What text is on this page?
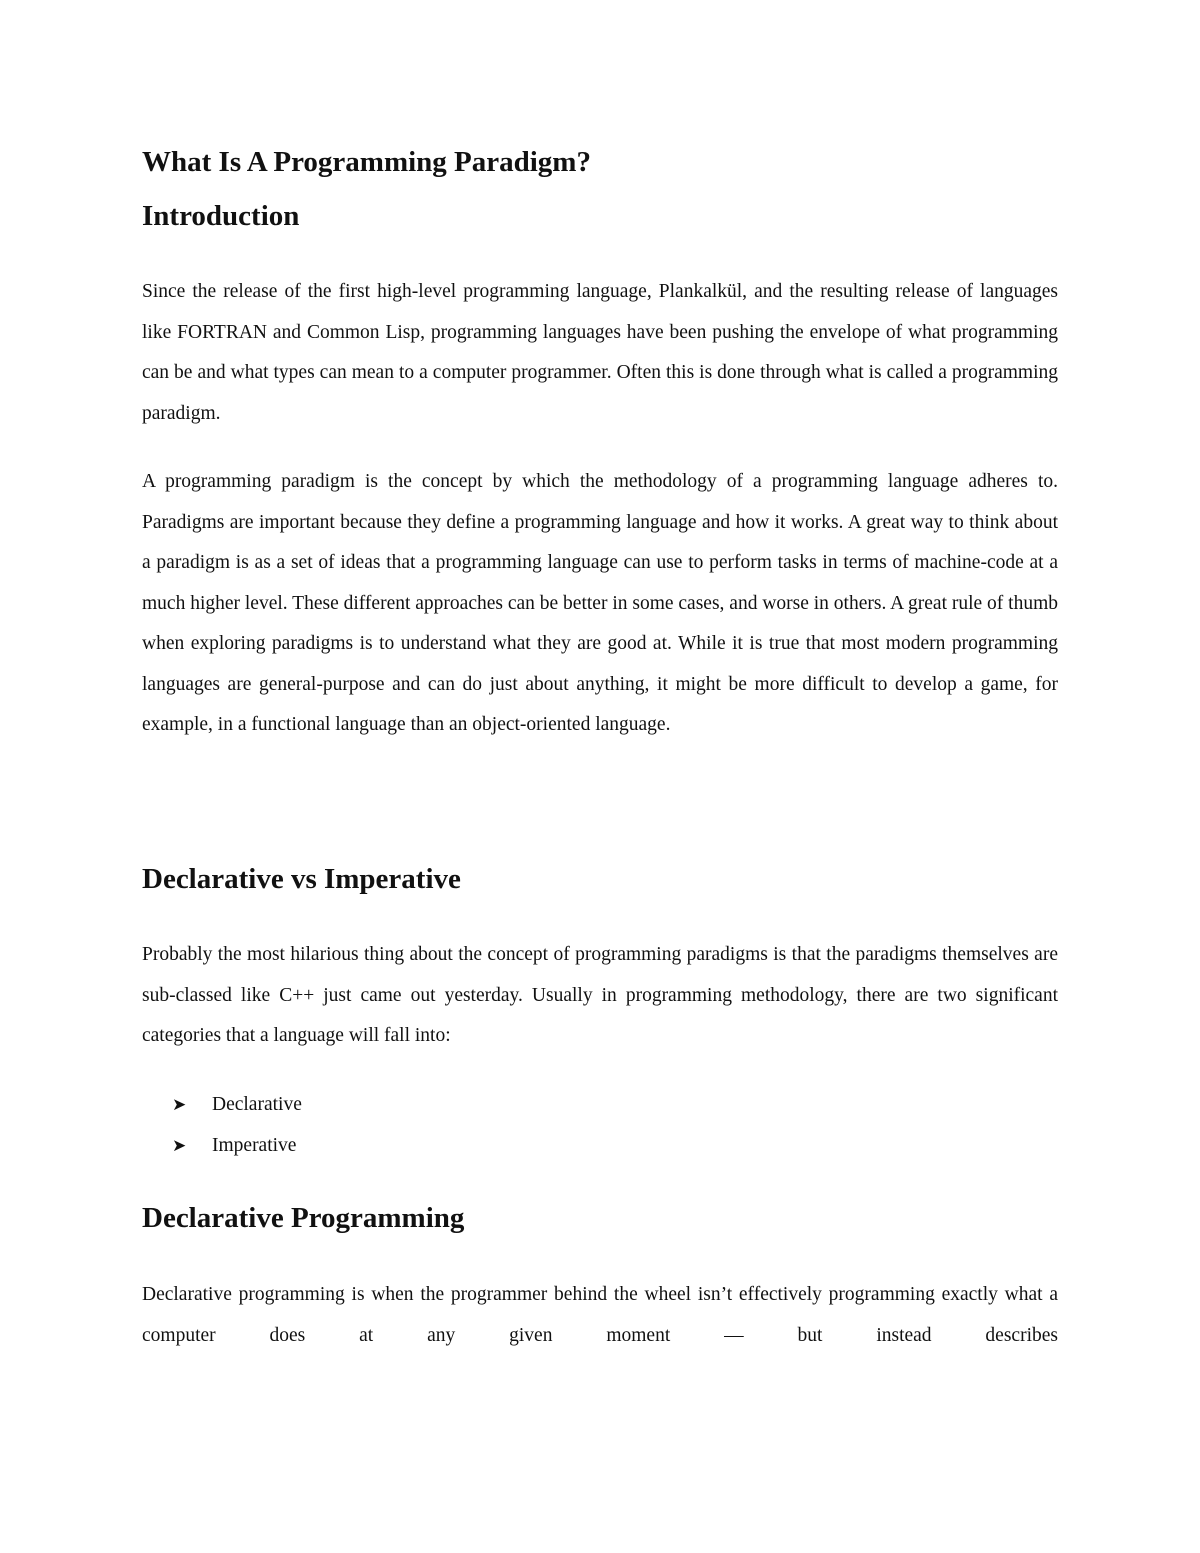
What Is A Programming Paradigm?
Introduction

Since the release of the first high-level programming language, Plankalkül, and the resulting release of languages like FORTRAN and Common Lisp, programming languages have been pushing the envelope of what programming can be and what types can mean to a computer programmer. Often this is done through what is called a programming paradigm.

A programming paradigm is the concept by which the methodology of a programming language adheres to. Paradigms are important because they define a programming language and how it works. A great way to think about a paradigm is as a set of ideas that a programming language can use to perform tasks in terms of machine-code at a much higher level. These different approaches can be better in some cases, and worse in others. A great rule of thumb when exploring paradigms is to understand what they are good at. While it is true that most modern programming languages are general-purpose and can do just about anything, it might be more difficult to develop a game, for example, in a functional language than an object-oriented language.

Declarative vs Imperative

Probably the most hilarious thing about the concept of programming paradigms is that the paradigms themselves are sub-classed like C++ just came out yesterday. Usually in programming methodology, there are two significant categories that a language will fall into:

➤	Declarative
➤	Imperative
Declarative Programming

Declarative programming is when the programmer behind the wheel isn’t effectively programming exactly what a computer does at any given moment — but instead describes
